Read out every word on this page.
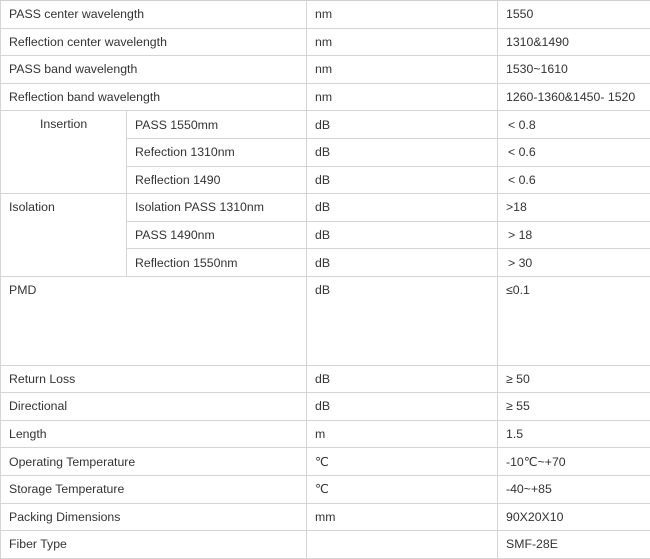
PASS center wavelength		nm	1550
Reflection center wavelength		nm	1310&1490
PASS band wavelength		nm	1530~1610
Reflection band wavelength		nm	1260-1360&1450- 1520
Insertion	PASS 1550mm	dB	< 0.8
	Refection 1310nm	dB	< 0.6
	Reflection 1490	dB	< 0.6
Isolation	Isolation PASS 1310nm	dB	>18
	PASS 1490nm	dB	> 18
	Reflection 1550nm	dB	> 30
PMD		dB	≤0.1
Return Loss		dB	≥ 50
Directional		dB	≥ 55
Length		m	1.5
Operating Temperature		℃	-10℃~+70
Storage Temperature		℃	-40~+85
Packing Dimensions		mm	90X20X10
Fiber Type			SMF-28E
